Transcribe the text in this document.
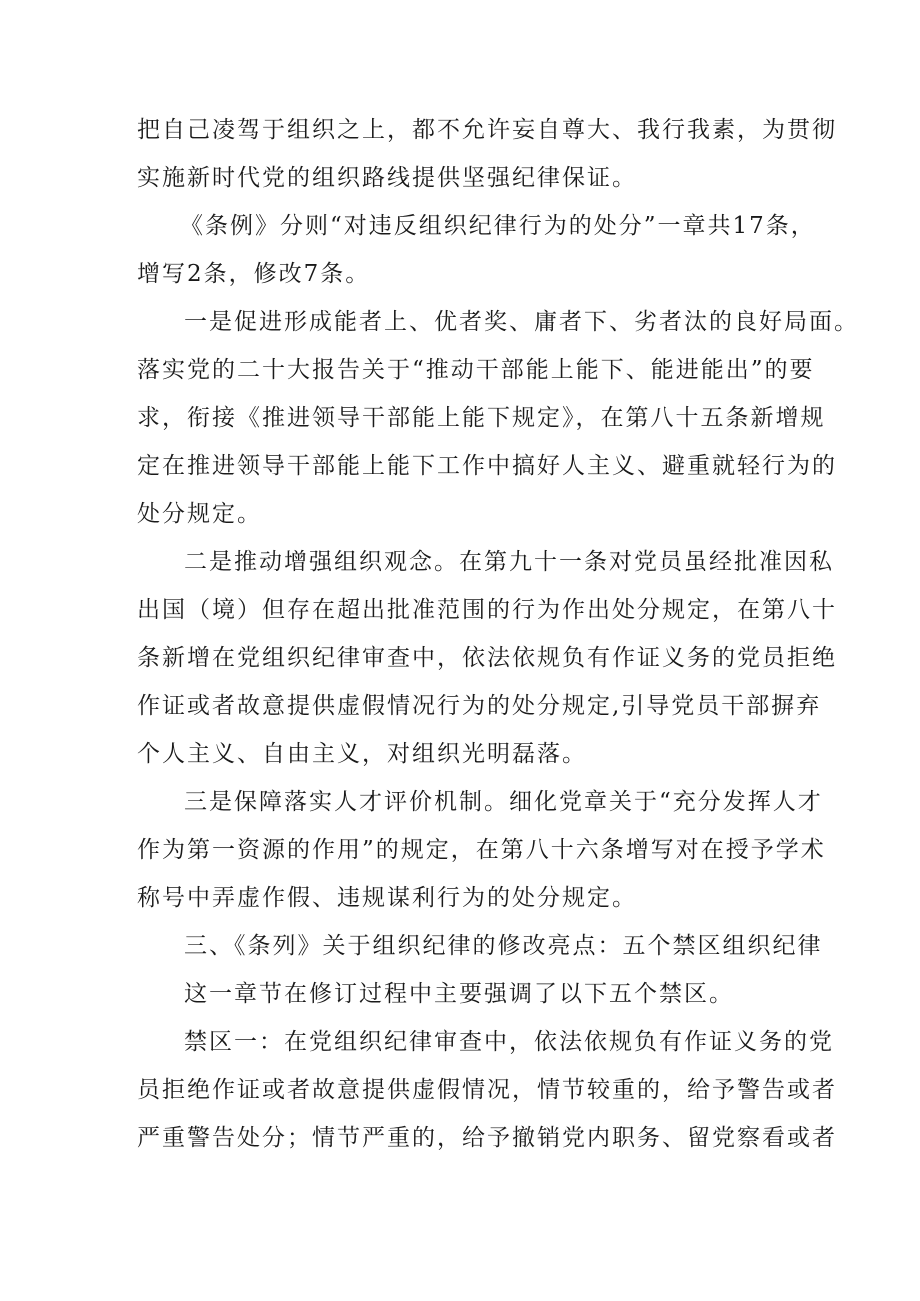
把自己凌驾于组织之上，都不允许妄自尊大、我行我素，为贯彻
实施新时代党的组织路线提供坚强纪律保证。
《条例》分则“对违反组织纪律行为的处分”一章共17条，
增写2条，修改7条。
一是促进形成能者上、优者奖、庸者下、劣者汰的良好局面。
落实党的二十大报告关于“推动干部能上能下、能进能出”的要
求，衔接《推进领导干部能上能下规定》，在第八十五条新增规
定在推进领导干部能上能下工作中搞好人主义、避重就轻行为的
处分规定。
二是推动增强组织观念。在第九十一条对党员虽经批准因私
出国（境）但存在超出批准范围的行为作出处分规定，在第八十
条新增在党组织纪律审查中，依法依规负有作证义务的党员拒绝
作证或者故意提供虚假情况行为的处分规定,引导党员干部摒弃
个人主义、自由主义，对组织光明磊落。
三是保障落实人才评价机制。细化党章关于“充分发挥人才
作为第一资源的作用”的规定，在第八十六条增写对在授予学术
称号中弄虚作假、违规谋利行为的处分规定。
三、《条列》关于组织纪律的修改亮点：五个禁区组织纪律
这一章节在修订过程中主要强调了以下五个禁区。
禁区一：在党组织纪律审查中，依法依规负有作证义务的党
员拒绝作证或者故意提供虚假情况，情节较重的，给予警告或者
严重警告处分；情节严重的，给予撤销党内职务、留党察看或者
